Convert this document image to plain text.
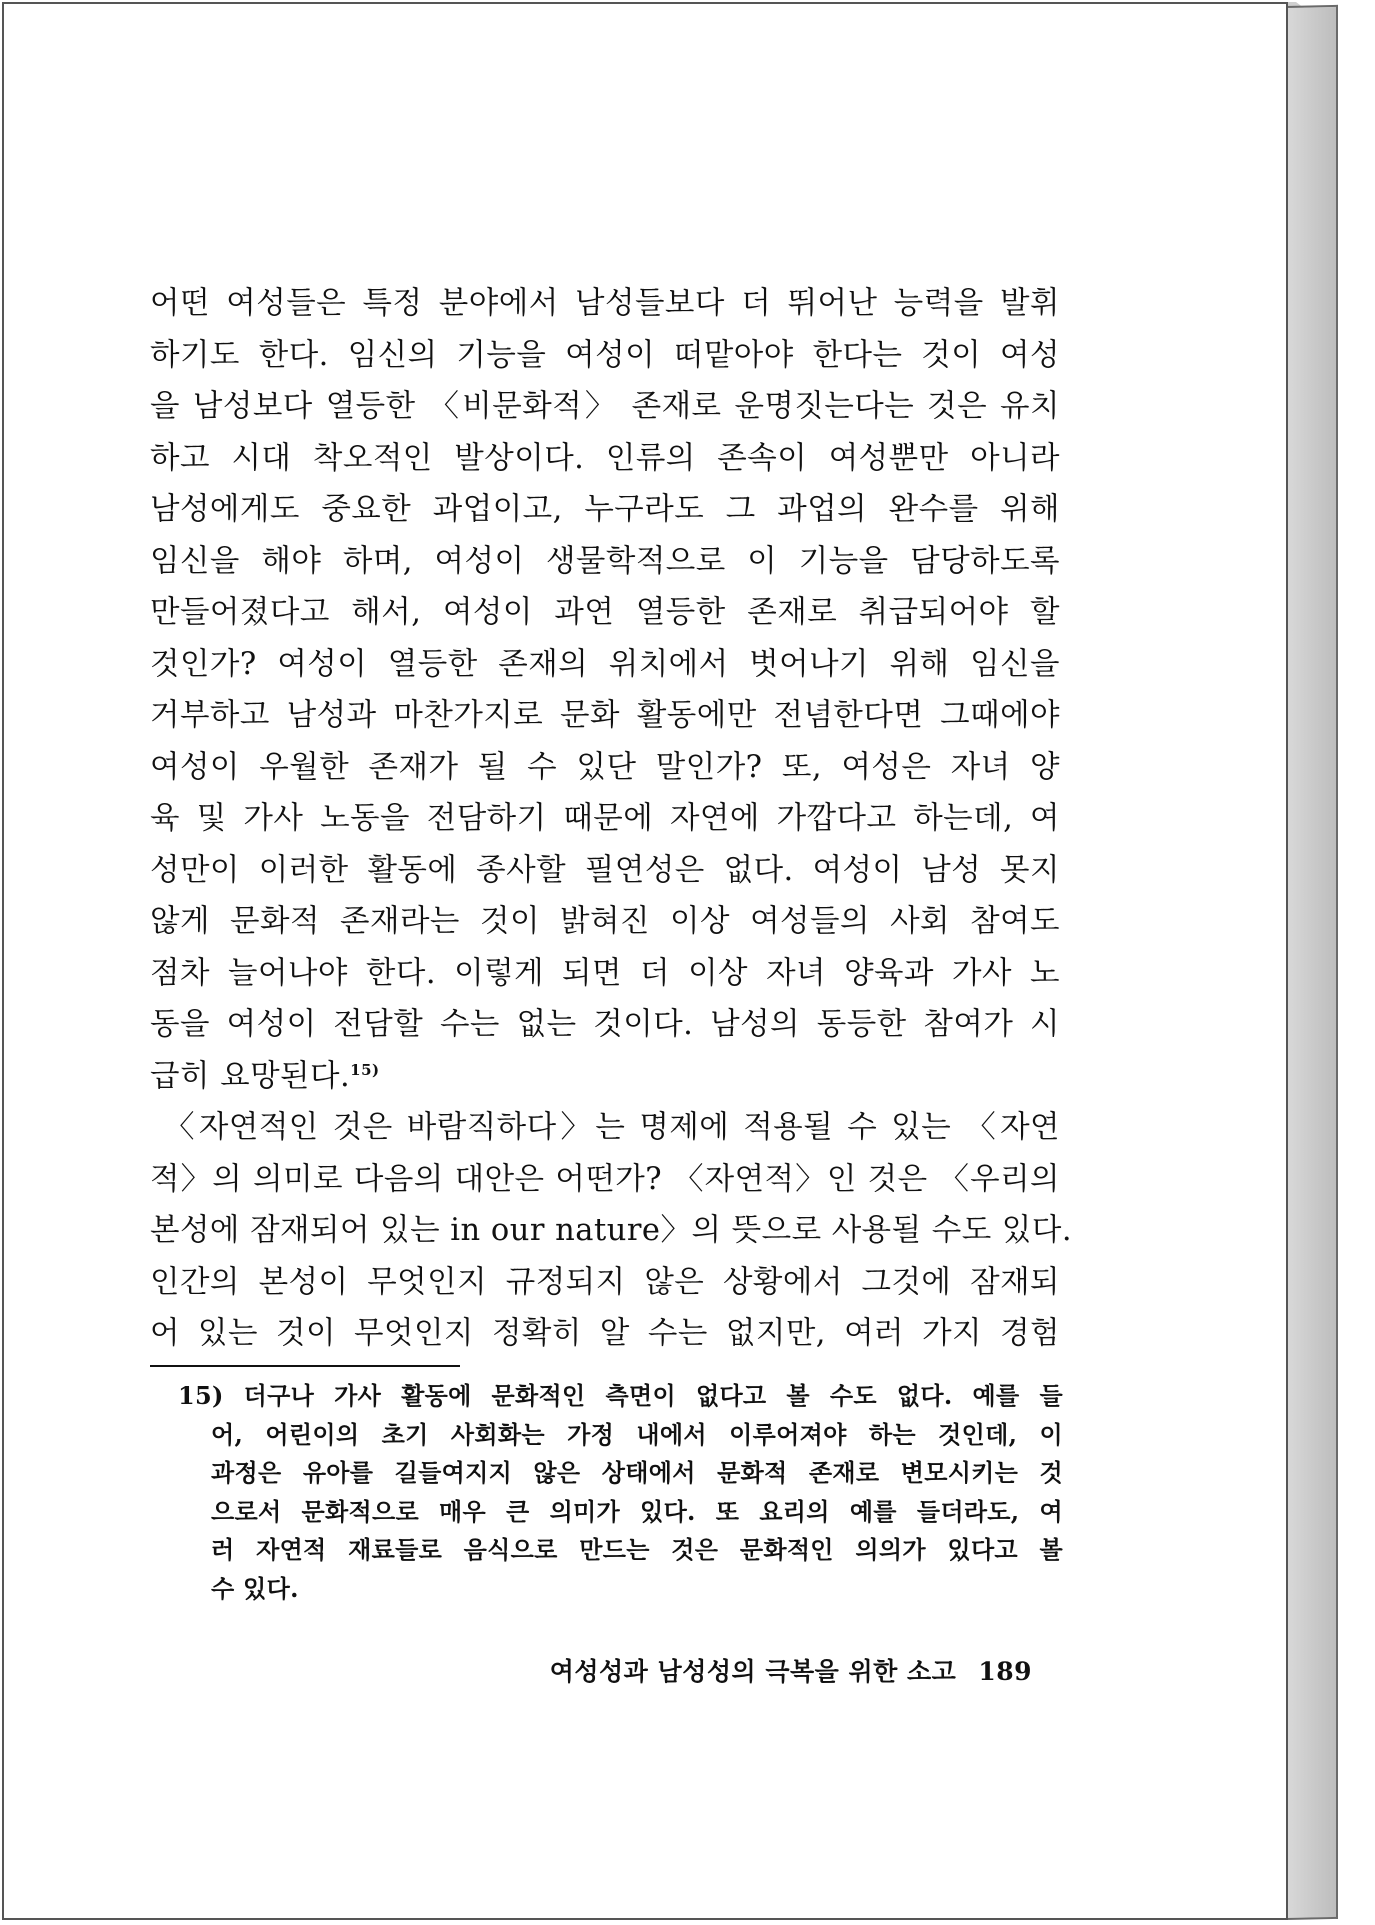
어떤 여성들은 특정 분야에서 남성들보다 더 뛰어난 능력을 발휘
하기도 한다. 임신의 기능을 여성이 떠맡아야 한다는 것이 여성
을 남성보다 열등한 〈비문화적〉 존재로 운명짓는다는 것은 유치
하고 시대 착오적인 발상이다. 인류의 존속이 여성뿐만 아니라
남성에게도 중요한 과업이고, 누구라도 그 과업의 완수를 위해
임신을 해야 하며, 여성이 생물학적으로 이 기능을 담당하도록
만들어졌다고 해서, 여성이 과연 열등한 존재로 취급되어야 할
것인가? 여성이 열등한 존재의 위치에서 벗어나기 위해 임신을
거부하고 남성과 마찬가지로 문화 활동에만 전념한다면 그때에야
여성이 우월한 존재가 될 수 있단 말인가? 또, 여성은 자녀 양
육 및 가사 노동을 전담하기 때문에 자연에 가깝다고 하는데, 여
성만이 이러한 활동에 종사할 필연성은 없다. 여성이 남성 못지
않게 문화적 존재라는 것이 밝혀진 이상 여성들의 사회 참여도
점차 늘어나야 한다. 이렇게 되면 더 이상 자녀 양육과 가사 노
동을 여성이 전담할 수는 없는 것이다. 남성의 동등한 참여가 시
급히 요망된다.$^{15)}$
〈자연적인 것은 바람직하다〉는 명제에 적용될 수 있는 〈자연
적〉의 의미로 다음의 대안은 어떤가? 〈자연적〉인 것은 〈우리의
본성에 잠재되어 있는 in our nature〉의 뜻으로 사용될 수도 있다.
인간의 본성이 무엇인지 규정되지 않은 상황에서 그것에 잠재되
어 있는 것이 무엇인지 정확히 알 수는 없지만, 여러 가지 경험
15) 더구나 가사 활동에 문화적인 측면이 없다고 볼 수도 없다. 예를 들
어, 어린이의 초기 사회화는 가정 내에서 이루어져야 하는 것인데, 이
과정은 유아를 길들여지지 않은 상태에서 문화적 존재로 변모시키는 것
으로서 문화적으로 매우 큰 의미가 있다. 또 요리의 예를 들더라도, 여
러 자연적 재료들로 음식으로 만드는 것은 문화적인 의의가 있다고 볼
수 있다.
여성성과 남성성의 극복을 위한 소고 189
